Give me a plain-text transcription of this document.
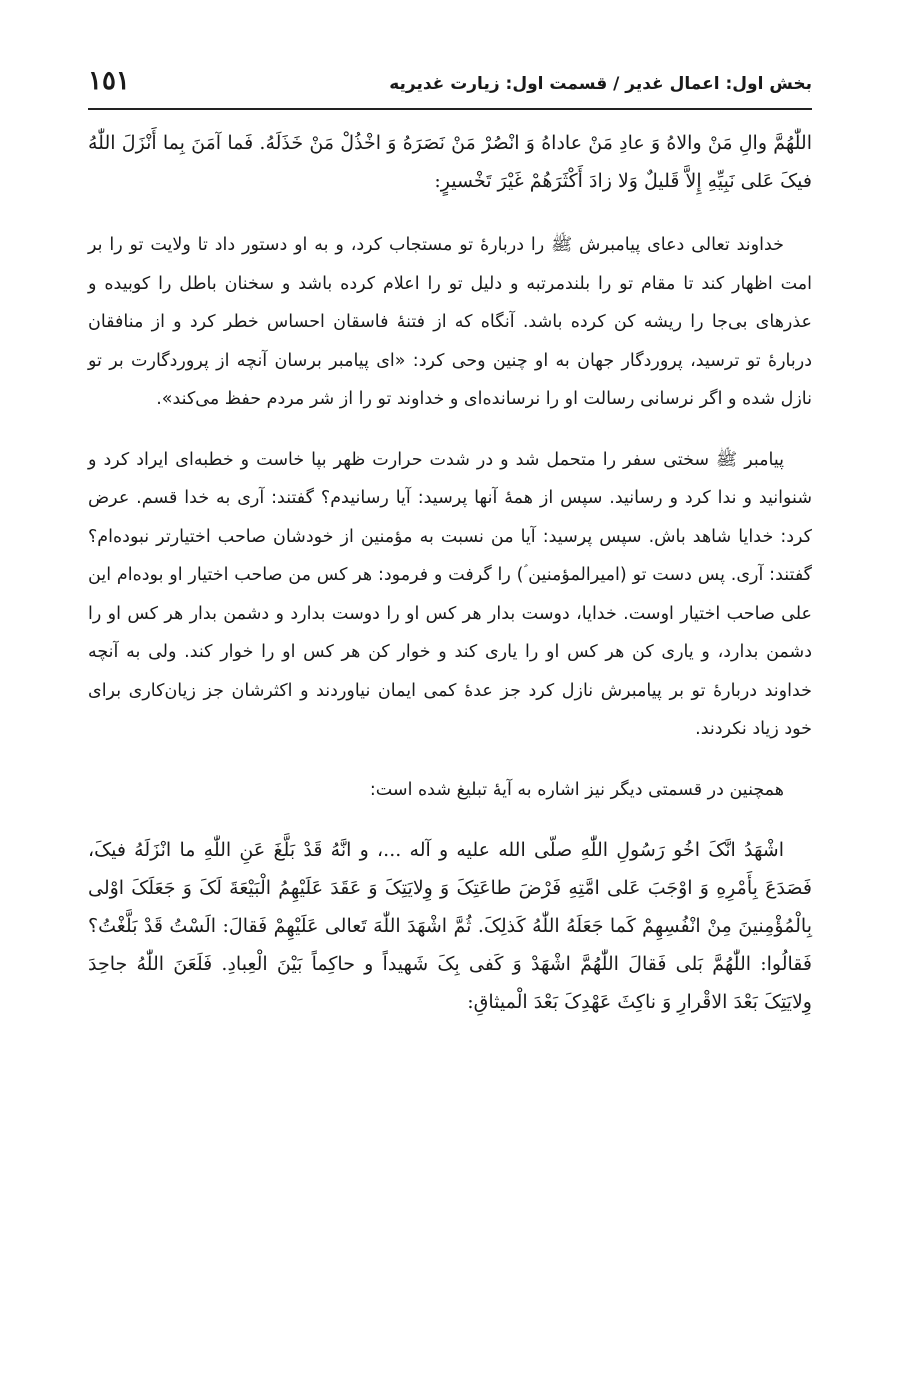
١٥١	بخش اول: اعمال غدیر / قسمت اول: زیارت غدیریه

اللّٰهُمَّ والِ مَنْ والاهُ وَ عادِ مَنْ عاداهُ وَ انْصُرْ مَنْ نَصَرَهُ وَ اخْذُلْ مَنْ خَذَلَهُ. فَما آمَنَ بِما أَنْزَلَ اللّٰهُ فیکَ عَلی نَبِیِّهِ إِلاَّ قَلیلٌ وَلا زادَ أَکْثَرَهُمْ غَیْرَ تَخْسیرٍ:

خداوند تعالی دعای پیامبرش ﷺ را دربارهٔ تو مستجاب کرد، و به او دستور داد تا ولایت تو را بر امت اظهار کند تا مقام تو را بلندمرتبه و دلیل تو را اعلام کرده باشد و سخنان باطل را کوبیده و عذرهای بی‌جا را ریشه کن کرده باشد. آنگاه که از فتنهٔ فاسقان احساس خطر کرد و از منافقان دربارهٔ تو ترسید، پروردگار جهان به او چنین وحی کرد: «ای پیامبر برسان آنچه از پروردگارت بر تو نازل شده و اگر نرسانی رسالت او را نرسانده‌ای و خداوند تو را از شر مردم حفظ می‌کند».

پیامبر ﷺ سختی سفر را متحمل شد و در شدت حرارت ظهر بپا خاست و خطبه‌ای ایراد کرد و شنوانید و ندا کرد و رسانید. سپس از همهٔ آنها پرسید: آیا رسانیدم؟ گفتند: آری به خدا قسم. عرض کرد: خدایا شاهد باش. سپس پرسید: آیا من نسبت به مؤمنین از خودشان صاحب اختیارتر نبوده‌ام؟ گفتند: آری. پس دست تو (امیرالمؤمنین ؑ) را گرفت و فرمود: هر کس من صاحب اختیار او بوده‌ام این علی صاحب اختیار اوست. خدایا، دوست بدار هر کس او را دوست بدارد و دشمن بدار هر کس او را دشمن بدارد، و یاری کن هر کس او را یاری کند و خوار کن هر کس او را خوار کند. ولی به آنچه خداوند دربارهٔ تو بر پیامبرش نازل کرد جز عدهٔ کمی ایمان نیاوردند و اکثرشان جز زیان‌کاری برای خود زیاد نکردند.

همچنین در قسمتی دیگر نیز اشاره به آیهٔ تبلیغ شده است:

اشْهَدُ انَّکَ اخُو رَسُولِ اللّٰهِ صلّی الله علیه و آله ...، و انَّهُ قَدْ بَلَّغَ عَنِ اللّٰهِ ما انْزَلَهُ فیکَ، فَصَدَعَ بِأَمْرِهِ وَ اوْجَبَ عَلی امَّتِهِ فَرْضَ طاعَتِکَ وَ وِلایَتِکَ وَ عَقَدَ عَلَیْهِمُ الْبَیْعَةَ لَکَ وَ جَعَلَکَ اوْلی بِالْمُؤْمِنینَ مِنْ انْفُسِهِمْ کَما جَعَلَهُ اللّٰهُ کَذلِکَ. ثُمَّ اشْهَدَ اللّٰهَ تَعالی عَلَیْهِمْ فَقالَ: الَسْتُ قَدْ بَلَّغْتُ؟ فَقالُوا: اللّٰهُمَّ بَلی فَقالَ اللّٰهُمَّ اشْهَدْ وَ کَفی بِکَ شَهیداً و حاکِماً بَیْنَ الْعِبادِ. فَلَعَنَ اللّٰهُ جاحِدَ وِلایَتِکَ بَعْدَ الاقْرارِ وَ ناکِثَ عَهْدِکَ بَعْدَ الْمیثاقِ:
